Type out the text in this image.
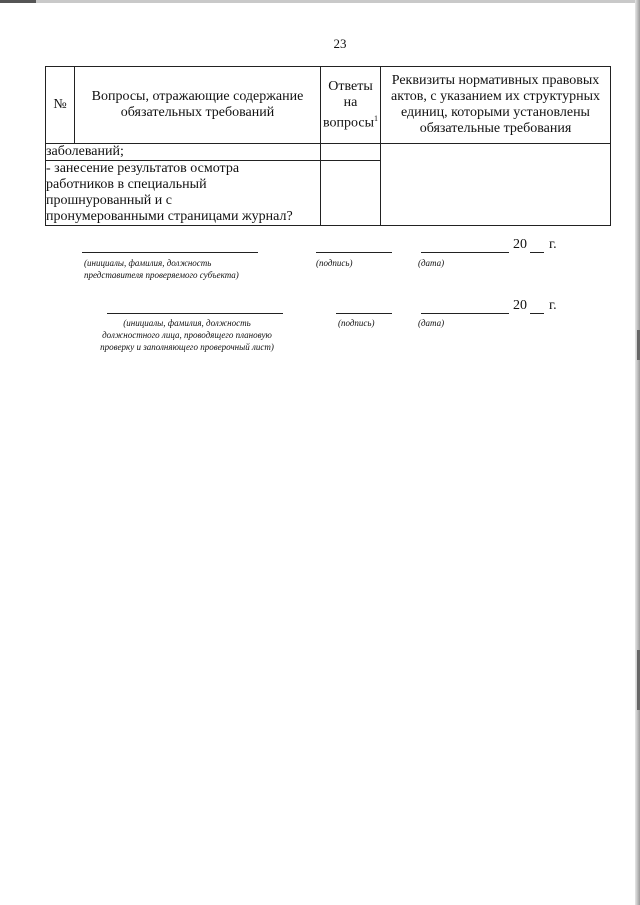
23
№	Вопросы, отражающие содержание обязательных требований	Ответы
на
вопросы$^1$	Реквизиты нормативных правовых актов, с указанием их структурных единиц, которыми установлены обязательные требования
заболеваний;			
- занесение результатов осмотра
работников в специальный
прошнурованный и с
пронумерованными страницами журнал?			
20 г.
(инициалы, фамилия, должность
представителя проверяемого субъекта)
(подпись)	(дата)
20 г.
(инициалы, фамилия, должность
должностного лица, проводящего плановую
проверку и заполняющего проверочный лист)
(подпись)	(дата)
